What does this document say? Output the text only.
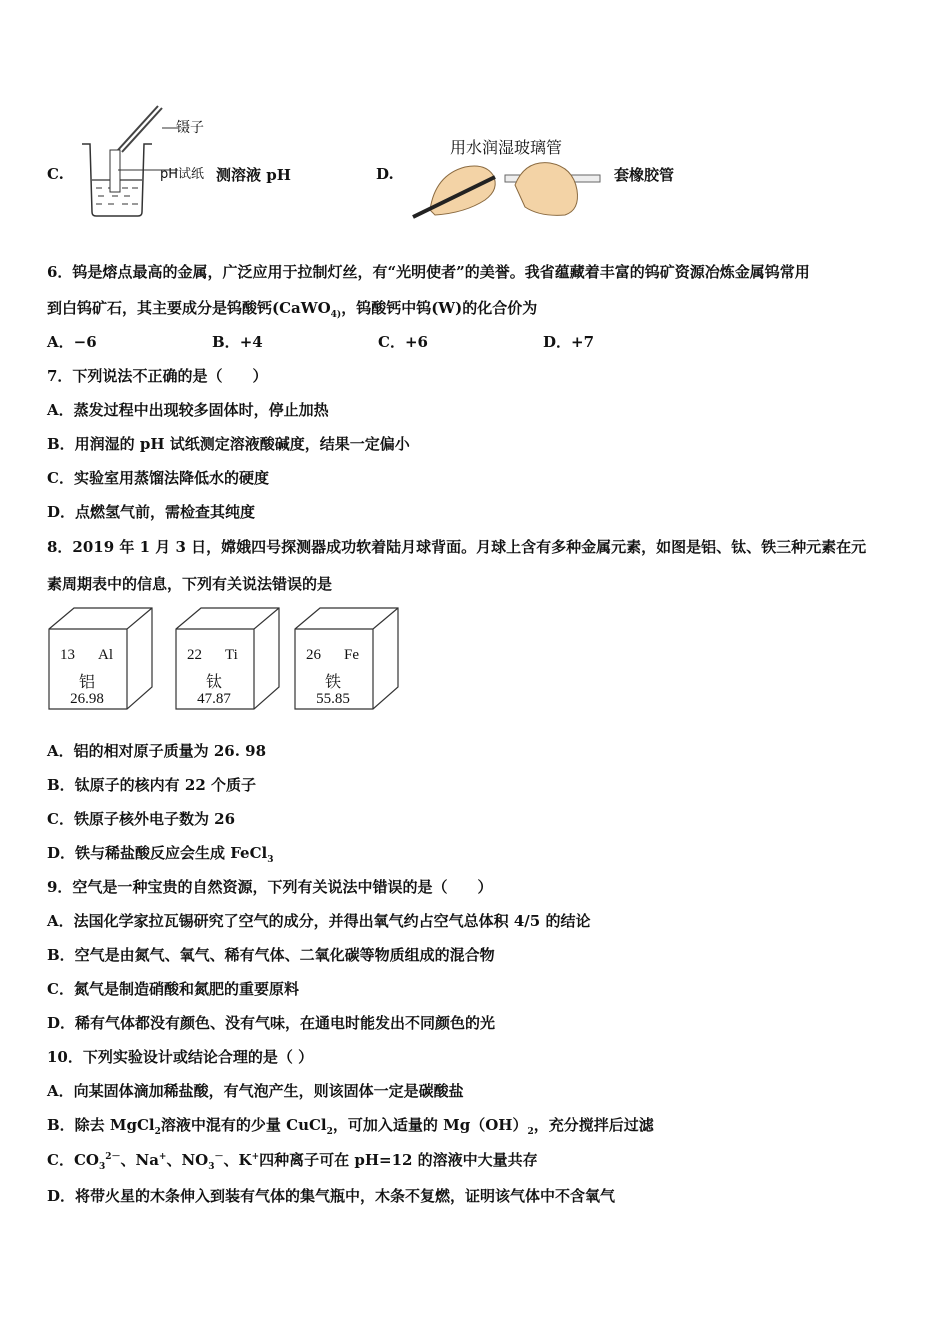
C.
镊子
pH试纸 测溶液 pH	D.
用水润湿玻璃管
套橡胶管
6．钨是熔点最高的金属，广泛应用于拉制灯丝，有“光明使者”的美誉。我省蕴藏着丰富的钨矿资源冶炼金属钨常用
到白钨矿石，其主要成分是钨酸钙(CaWO$_{4)}$，钨酸钙中钨(W)的化合价为
A．−6	B．+4	C．+6	D．+7
7．下列说法不正确的是（　　）
A．蒸发过程中出现较多固体时，停止加热
B．用润湿的 pH 试纸测定溶液酸碱度，结果一定偏小
C．实验室用蒸馏法降低水的硬度
D．点燃氢气前，需检查其纯度
8．2019 年 1 月 3 日，嫦娥四号探测器成功软着陆月球背面。月球上含有多种金属元素，如图是铝、钛、铁三种元素在元
素周期表中的信息，下列有关说法错误的是
13 Al
铝
26.98
22 Ti
钛
47.87
26 Fe
铁
55.85
A．铝的相对原子质量为 26. 98
B．钛原子的核内有 22 个质子
C．铁原子核外电子数为 26
D．铁与稀盐酸反应会生成 FeCl$_3$
9．空气是一种宝贵的自然资源，下列有关说法中错误的是（　　）
A．法国化学家拉瓦锡研究了空气的成分，并得出氧气约占空气总体积 4/5 的结论
B．空气是由氮气、氧气、稀有气体、二氧化碳等物质组成的混合物
C．氮气是制造硝酸和氮肥的重要原料
D．稀有气体都没有颜色、没有气味，在通电时能发出不同颜色的光
10．下列实验设计或结论合理的是（ ）
A．向某固体滴加稀盐酸，有气泡产生，则该固体一定是碳酸盐
B．除去 MgCl$_2$溶液中混有的少量 CuCl$_2$，可加入适量的 $Mg(OH)_2$，充分搅拌后过滤
C．$CO_3^{2-}$、Na+、$NO_3^-$、K+四种离子可在 pH=12 的溶液中大量共存
D．将带火星的木条伸入到装有气体的集气瓶中，木条不复燃，证明该气体中不含氧气
